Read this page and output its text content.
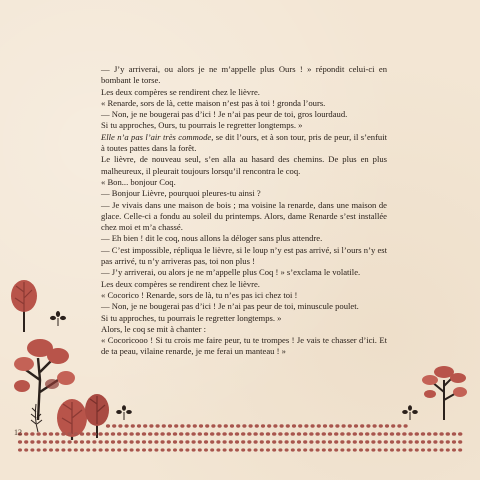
— J’y arriverai, ou alors je ne m’appelle plus Ours ! » répondit celui-ci en bombant le torse.

Les deux compères se rendirent chez le lièvre.

« Renarde, sors de là, cette maison n’est pas à toi ! gronda l’ours.

— Non, je ne bougerai pas d’ici ! Je n’ai pas peur de toi, gros lourdaud.

Si tu approches, Ours, tu pourrais le regretter longtemps. »

Elle n’a pas l’air très commode, se dit l’ours, et à son tour, pris de peur, il s’enfuit à toutes pattes dans la forêt.

Le lièvre, de nouveau seul, s’en alla au hasard des chemins. De plus en plus malheureux, il pleurait toujours lorsqu’il rencontra le coq.

« Bon... bonjour Coq.

— Bonjour Lièvre, pourquoi pleures-tu ainsi ?

— Je vivais dans une maison de bois ; ma voisine la renarde, dans une maison de glace. Celle-ci a fondu au soleil du printemps. Alors, dame Renarde s’est installée chez moi et m’a chassé.

— Eh bien ! dit le coq, nous allons la déloger sans plus attendre.

— C’est impossible, répliqua le lièvre, si le loup n’y est pas arrivé, si l’ours n’y est pas arrivé, tu n’y arriveras pas, toi non plus !

— J’y arriverai, ou alors je ne m’appelle plus Coq ! » s’exclama le volatile.

Les deux compères se rendirent chez le lièvre.

« Cocorico ! Renarde, sors de là, tu n’es pas ici chez toi !

— Non, je ne bougerai pas d’ici ! Je n’ai pas peur de toi, minuscule poulet.

Si tu approches, tu pourrais le regretter longtemps. »

Alors, le coq se mit à chanter :

« Cocoricooo ! Si tu crois me faire peur, tu te trompes ! Je vais te chasser d’ici. Et de ta peau, vilaine renarde, je me ferai un manteau ! »

12
